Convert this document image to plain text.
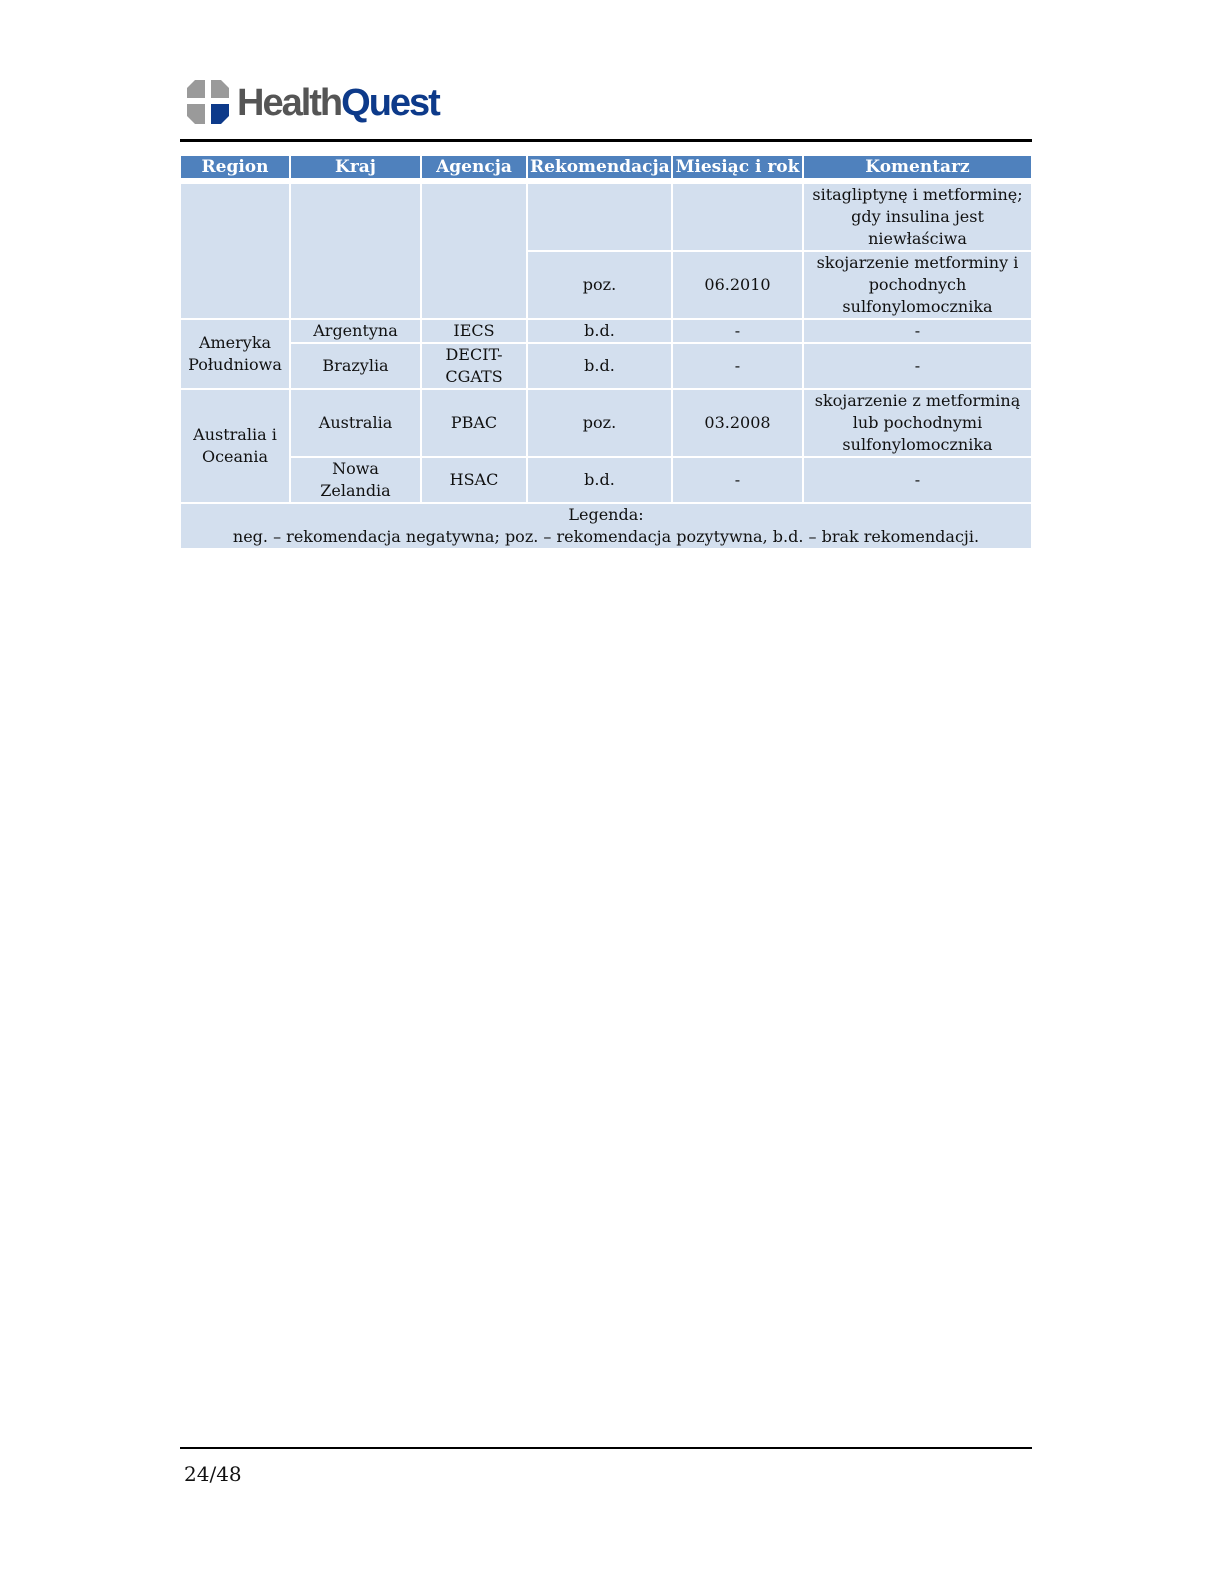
HealthQuest
Region	Kraj	Agencja	Rekomendacja	Miesiąc i rok	Komentarz

					sitagliptynę i metforminę; gdy insulina jest niewłaściwa
			poz.	06.2010	skojarzenie metforminy i pochodnych sulfonylomocznika
Ameryka Południowa	Argentyna	IECS	b.d.	-	-
	Brazylia	DECIT-CGATS	b.d.	-	-
Australia i Oceania	Australia	PBAC	poz.	03.2008	skojarzenie z metforminą lub pochodnymi sulfonylomocznika
	Nowa Zelandia	HSAC	b.d.	-	-

Legenda:
neg. – rekomendacja negatywna; poz. – rekomendacja pozytywna, b.d. – brak rekomendacji.					
24/48
